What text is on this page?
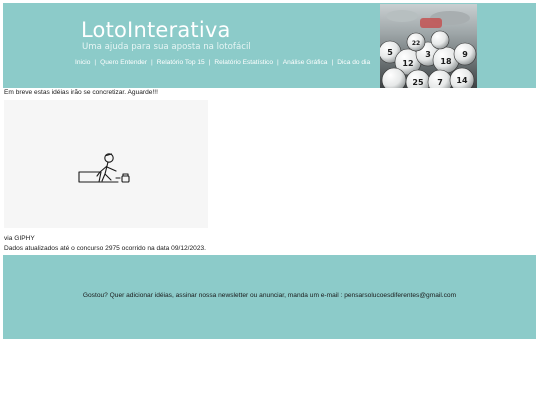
LotoInterativa
Uma ajuda para sua aposta na lotofácil
Inicio | Quero Entender | Relatório Top 15 | Relatório Estatístico | Análise Gráfica | Dica do dia
5
12
3
18
9
25 7 14
22
Em breve estas idéias irão se concretizar. Aguarde!!!
via GIPHY
Dados atualizados até o concurso 2975 ocorrido na data 09/12/2023.
Gostou? Quer adicionar idéias, assinar nossa newsletter ou anunciar, manda um e-mail : pensarsolucoesdiferentes@gmail.com
